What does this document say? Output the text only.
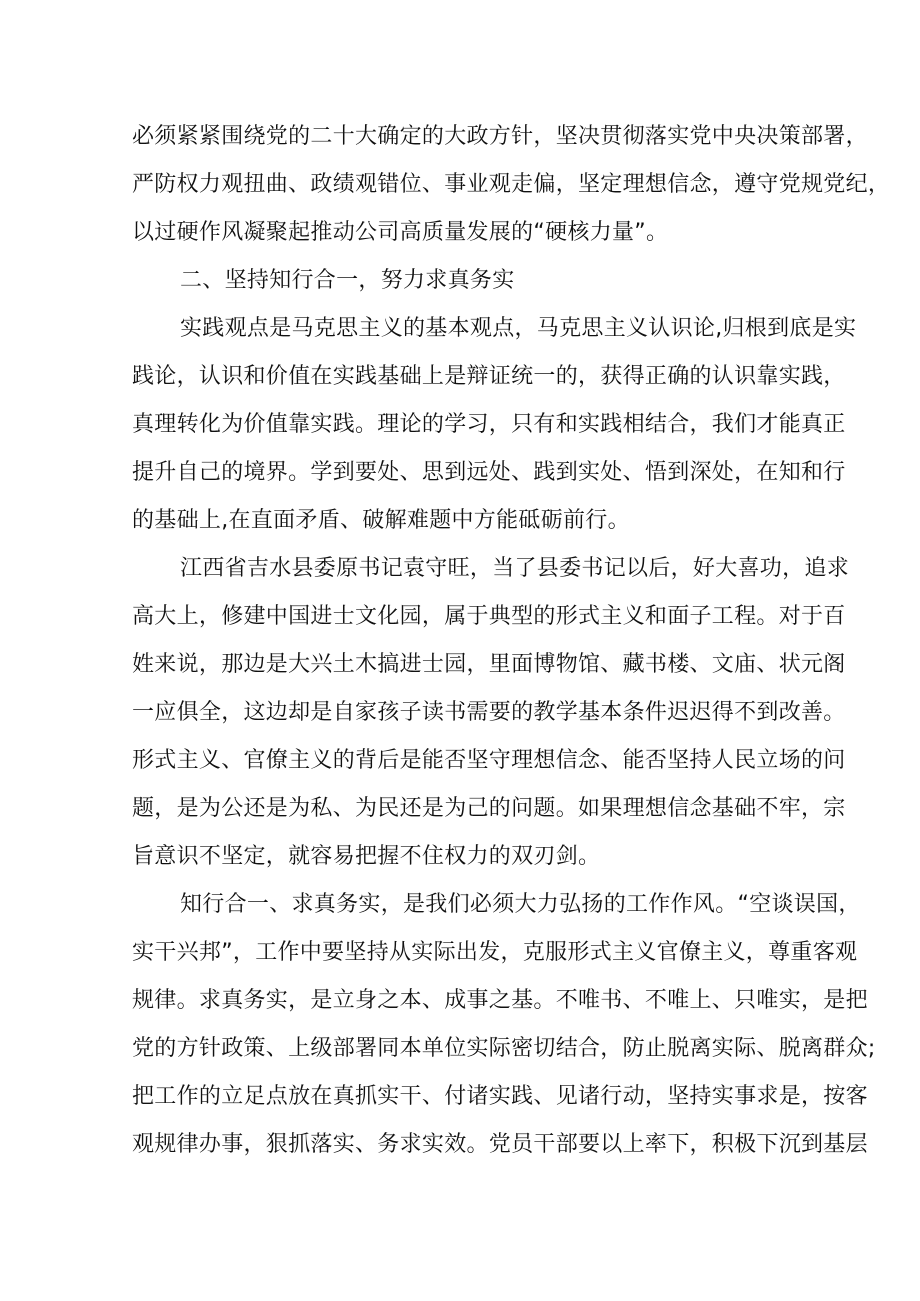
必须紧紧围绕党的二十大确定的大政方针，坚决贯彻落实党中央决策部署，

严防权力观扭曲、政绩观错位、事业观走偏，坚定理想信念，遵守党规党纪，

以过硬作风凝聚起推动公司高质量发展的“硬核力量”。

二、坚持知行合一，努力求真务实

实践观点是马克思主义的基本观点，马克思主义认识论,归根到底是实

践论，认识和价值在实践基础上是辩证统一的，获得正确的认识靠实践，

真理转化为价值靠实践。理论的学习，只有和实践相结合，我们才能真正

提升自己的境界。学到要处、思到远处、践到实处、悟到深处，在知和行

的基础上,在直面矛盾、破解难题中方能砥砺前行。

江西省吉水县委原书记袁守旺，当了县委书记以后，好大喜功，追求

高大上，修建中国进士文化园，属于典型的形式主义和面子工程。对于百

姓来说，那边是大兴土木搞进士园，里面博物馆、藏书楼、文庙、状元阁

一应俱全，这边却是自家孩子读书需要的教学基本条件迟迟得不到改善。

形式主义、官僚主义的背后是能否坚守理想信念、能否坚持人民立场的问

题，是为公还是为私、为民还是为己的问题。如果理想信念基础不牢，宗

旨意识不坚定，就容易把握不住权力的双刃剑。

知行合一、求真务实，是我们必须大力弘扬的工作作风。“空谈误国，

实干兴邦”，工作中要坚持从实际出发，克服形式主义官僚主义，尊重客观

规律。求真务实，是立身之本、成事之基。不唯书、不唯上、只唯实，是把

党的方针政策、上级部署同本单位实际密切结合，防止脱离实际、脱离群众;

把工作的立足点放在真抓实干、付诸实践、见诸行动，坚持实事求是，按客

观规律办事，狠抓落实、务求实效。党员干部要以上率下，积极下沉到基层
